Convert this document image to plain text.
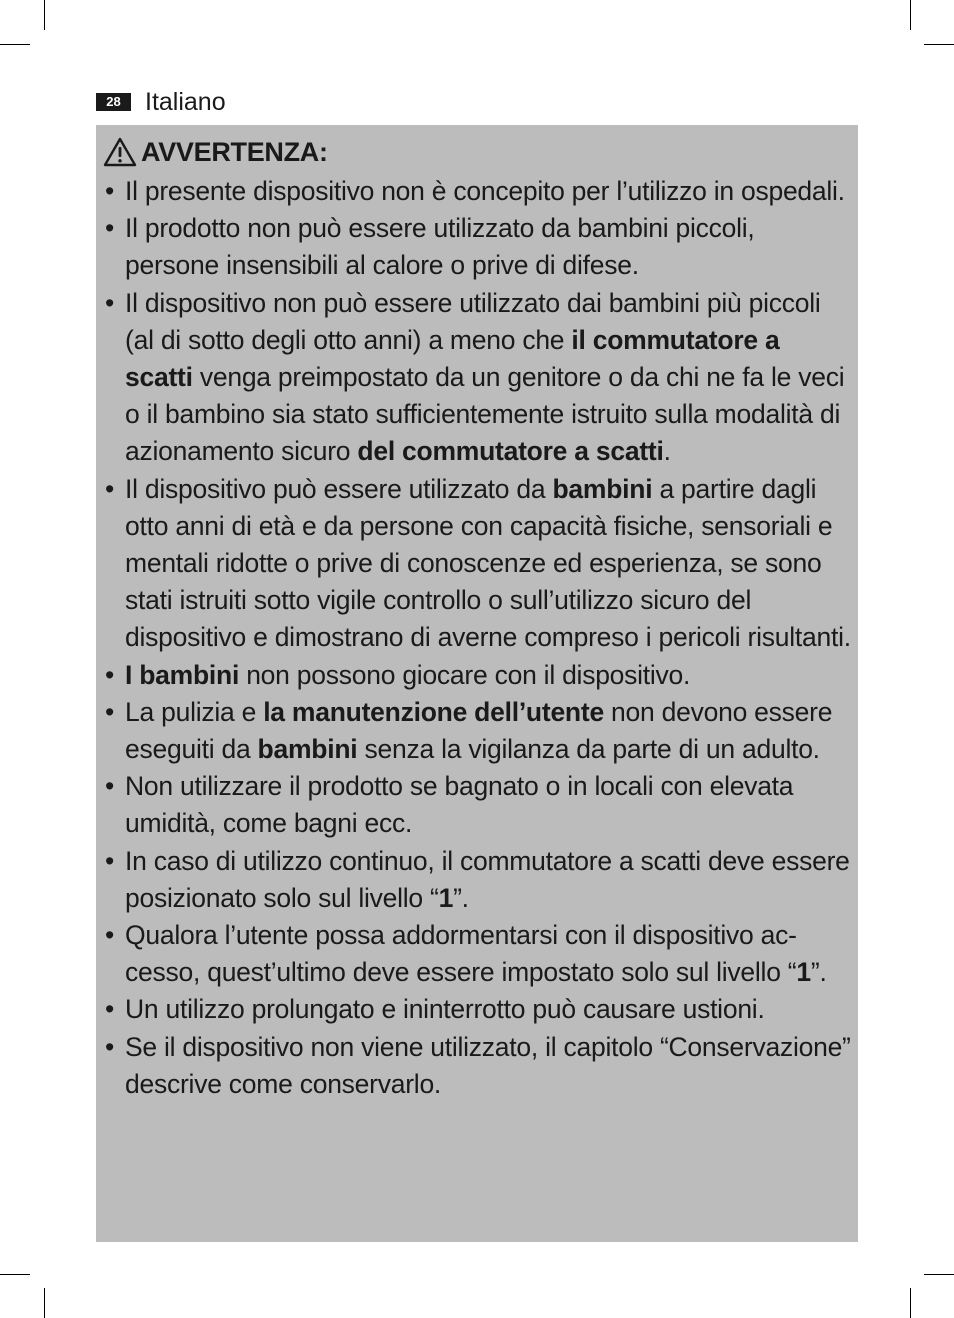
28 Italiano
AVVERTENZA:
• Il presente dispositivo non è concepito per l’utilizzo in ospedali.
• Il prodotto non può essere utilizzato da bambini piccoli, persone insensibili al calore o prive di difese.
• Il dispositivo non può essere utilizzato dai bambini più piccoli (al di sotto degli otto anni) a meno che il commutatore a scatti venga preimpostato da un genitore o da chi ne fa le veci o il bambino sia stato sufficientemente istruito sulla modalità di azionamento sicuro del commutatore a scatti.
• Il dispositivo può essere utilizzato da bambini a partire dagli otto anni di età e da persone con capacità fisiche, sensoriali e mentali ridotte o prive di conoscenze ed esperienza, se sono stati istruiti sotto vigile controllo o sull’utilizzo sicuro del dispositivo e dimostrano di averne compreso i pericoli risultanti.
• I bambini non possono giocare con il dispositivo.
• La pulizia e la manutenzione dell’utente non devono essere eseguiti da bambini senza la vigilanza da parte di un adulto.
• Non utilizzare il prodotto se bagnato o in locali con elevata umidità, come bagni ecc.
• In caso di utilizzo continuo, il commutatore a scatti deve essere posizionato solo sul livello “1”.
• Qualora l’utente possa addormentarsi con il dispositivo accesso, quest’ultimo deve essere impostato solo sul livello “1”.
• Un utilizzo prolungato e ininterrotto può causare ustioni.
• Se il dispositivo non viene utilizzato, il capitolo “Conservazione” descrive come conservarlo.
